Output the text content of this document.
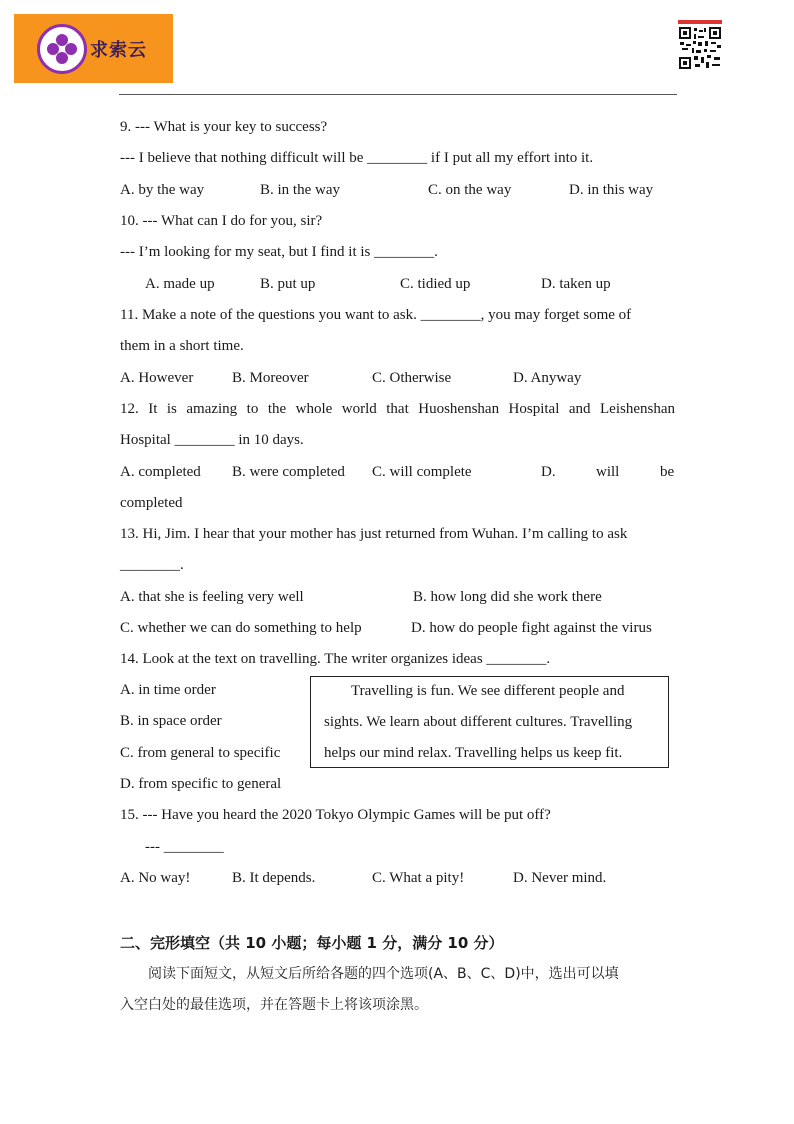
求索云
9. --- What is your key to success?
--- I believe that nothing difficult will be ________ if I put all my effort into it.
A. by the way	B. in the way	C. on the way	D. in this way
10. --- What can I do for you, sir?
--- I’m looking for my seat, but I find it is ________.
A. made up	B. put up	C. tidied up	D. taken up
11. Make a note of the questions you want to ask. ________, you may forget some of
them in a short time.
A. However	B. Moreover	C. Otherwise	D. Anyway
12. It is amazing to the whole world that Huoshenshan Hospital and Leishenshan
Hospital ________ in 10 days.
A. completed B. were completed C. will complete	D.	will	be
completed
13. Hi, Jim. I hear that your mother has just returned from Wuhan. I’m calling to ask
________.
A. that she is feeling very well	B. how long did she work there
C. whether we can do something to help	D. how do people fight against the virus
14. Look at the text on travelling. The writer organizes ideas ________.
A. in time order
B. in space order
C. from general to specific
D. from specific to general
Travelling is fun. We see different people and
sights. We learn about different cultures. Travelling
helps our mind relax. Travelling helps us keep fit.
15. --- Have you heard the 2020 Tokyo Olympic Games will be put off?
--- ________
A. No way!	B. It depends.	C. What a pity!	D. Never mind.
二、完形填空（共 10 小题；每小题 1 分，满分 10 分）
阅读下面短文，从短文后所给各题的四个选项(A、B、C、D)中，选出可以填
入空白处的最佳选项，并在答题卡上将该项涂黑。
